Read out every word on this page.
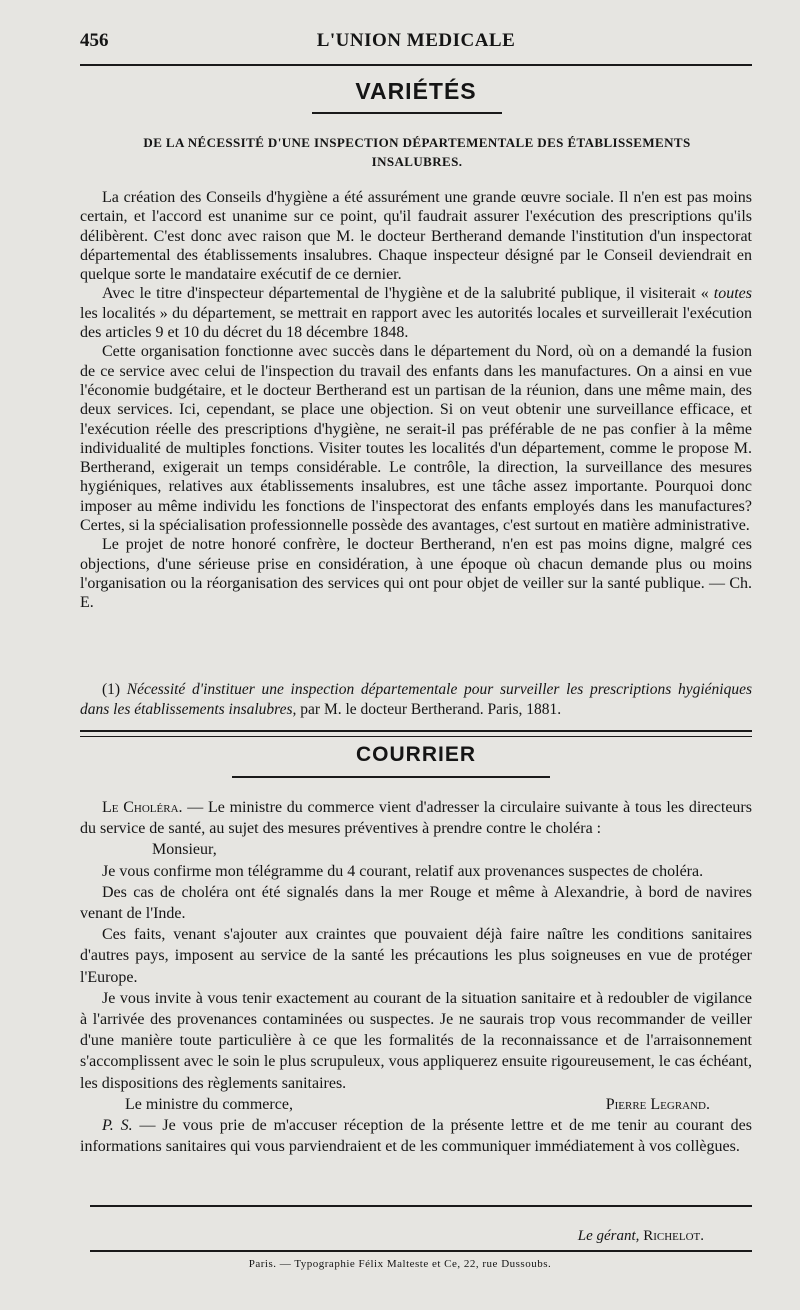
456	L'UNION MEDICALE
VARIÉTÉS
DE LA NÉCESSITÉ D'UNE INSPECTION DÉPARTEMENTALE DES ÉTABLISSEMENTS INSALUBRES.

La création des Conseils d'hygiène a été assurément une grande œuvre sociale. Il n'en est pas moins certain, et l'accord est unanime sur ce point, qu'il faudrait assurer l'exécution des prescriptions qu'ils délibèrent. C'est donc avec raison que M. le docteur Bertherand demande l'institution d'un inspectorat départemental des établissements insalubres. Chaque inspecteur désigné par le Conseil deviendrait en quelque sorte le mandataire exécutif de ce dernier.

Avec le titre d'inspecteur départemental de l'hygiène et de la salubrité publique, il visiterait « toutes les localités » du département, se mettrait en rapport avec les autorités locales et surveillerait l'exécution des articles 9 et 10 du décret du 18 décembre 1848.

Cette organisation fonctionne avec succès dans le département du Nord, où on a demandé la fusion de ce service avec celui de l'inspection du travail des enfants dans les manufactures. On a ainsi en vue l'économie budgétaire, et le docteur Bertherand est un partisan de la réunion, dans une même main, des deux services. Ici, cependant, se place une objection. Si on veut obtenir une surveillance efficace, et l'exécution réelle des prescriptions d'hygiène, ne serait-il pas préférable de ne pas confier à la même individualité de multiples fonctions. Visiter toutes les localités d'un département, comme le propose M. Bertherand, exigerait un temps considérable. Le contrôle, la direction, la surveillance des mesures hygiéniques, relatives aux établissements insalubres, est une tâche assez importante. Pourquoi donc imposer au même individu les fonctions de l'inspectorat des enfants employés dans les manufactures? Certes, si la spécialisation professionnelle possède des avantages, c'est surtout en matière administrative.

Le projet de notre honoré confrère, le docteur Bertherand, n'en est pas moins digne, malgré ces objections, d'une sérieuse prise en considération, à une époque où chacun demande plus ou moins l'organisation ou la réorganisation des services qui ont pour objet de veiller sur la santé publique. — Ch. E.

(1) Nécessité d'instituer une inspection départementale pour surveiller les prescriptions hygiéniques dans les établissements insalubres, par M. le docteur Bertherand. Paris, 1881.
COURRIER

Le Choléra. — Le ministre du commerce vient d'adresser la circulaire suivante à tous les directeurs du service de santé, au sujet des mesures préventives à prendre contre le choléra :

Monsieur,

Je vous confirme mon télégramme du 4 courant, relatif aux provenances suspectes de choléra.

Des cas de choléra ont été signalés dans la mer Rouge et même à Alexandrie, à bord de navires venant de l'Inde.

Ces faits, venant s'ajouter aux craintes que pouvaient déjà faire naître les conditions sanitaires d'autres pays, imposent au service de la santé les précautions les plus soigneuses en vue de protéger l'Europe.

Je vous invite à vous tenir exactement au courant de la situation sanitaire et à redoubler de vigilance à l'arrivée des provenances contaminées ou suspectes. Je ne saurais trop vous recommander de veiller d'une manière toute particulière à ce que les formalités de la reconnaissance et de l'arraisonnement s'accomplissent avec le soin le plus scrupuleux, vous appliquerez ensuite rigoureusement, le cas échéant, les dispositions des règlements sanitaires.

Le ministre du commerce,	Pierre Legrand.

P. S. — Je vous prie de m'accuser réception de la présente lettre et de me tenir au courant des informations sanitaires qui vous parviendraient et de les communiquer immédiatement à vos collègues.

Le gérant, Richelot.
Paris. — Typographie Félix Malteste et Ce, 22, rue Dussoubs.
